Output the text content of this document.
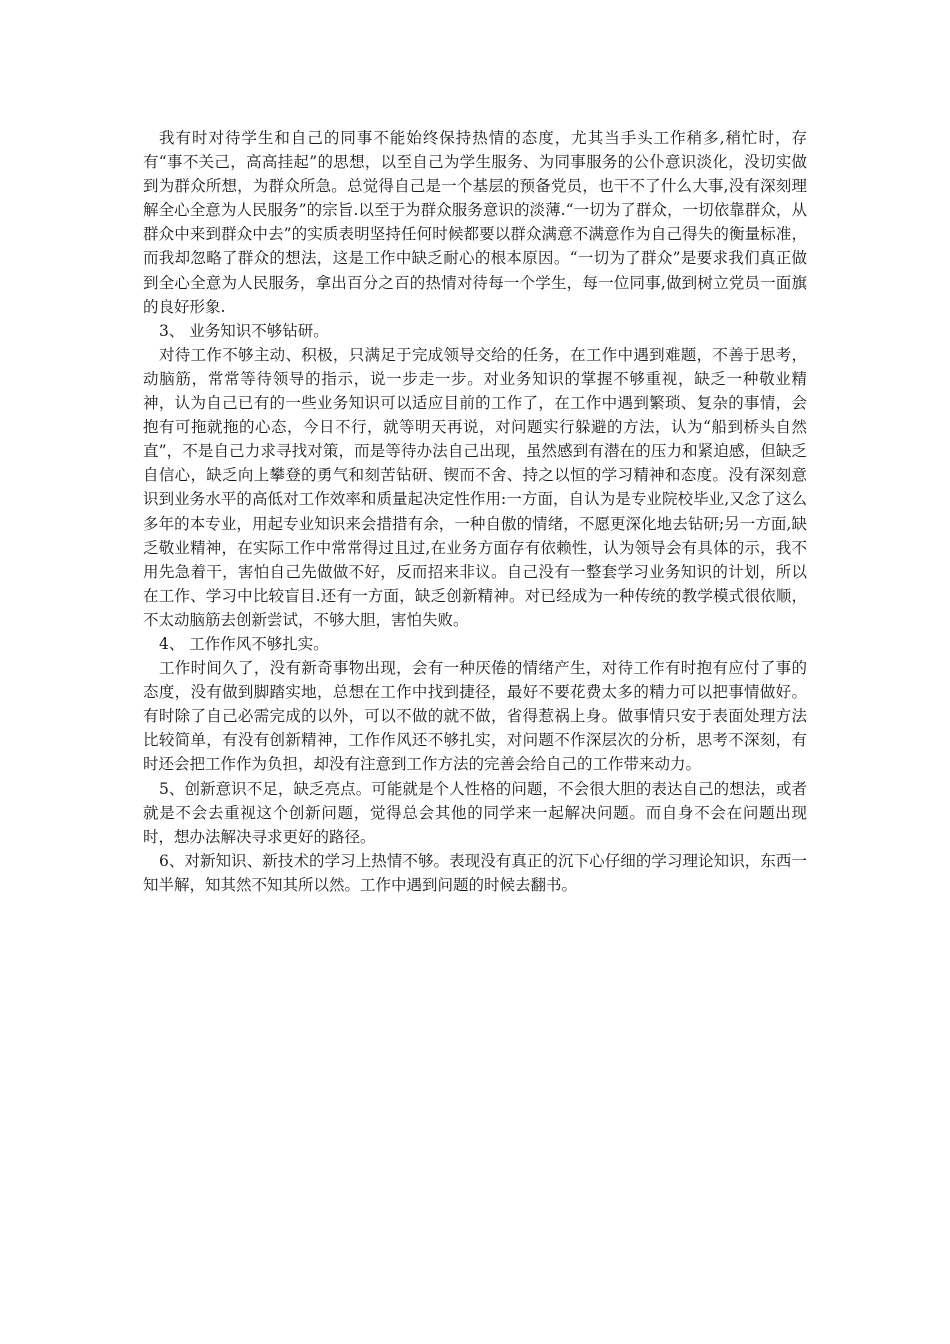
我有时对待学生和自己的同事不能始终保持热情的态度，尤其当手头工作稍多,稍忙时，存有“事不关己，高高挂起”的思想，以至自己为学生服务、为同事服务的公仆意识淡化，没切实做到为群众所想，为群众所急。总觉得自己是一个基层的预备党员，也干不了什么大事,没有深刻理解全心全意为人民服务”的宗旨.以至于为群众服务意识的淡薄.“一切为了群众，一切依靠群众，从群众中来到群众中去”的实质表明坚持任何时候都要以群众满意不满意作为自己得失的衡量标准，而我却忽略了群众的想法，这是工作中缺乏耐心的根本原因。“一切为了群众”是要求我们真正做到全心全意为人民服务，拿出百分之百的热情对待每一个学生，每一位同事,做到树立党员一面旗的良好形象.

3、 业务知识不够钻研。

对待工作不够主动、积极，只满足于完成领导交给的任务，在工作中遇到难题，不善于思考，动脑筋，常常等待领导的指示，说一步走一步。对业务知识的掌握不够重视，缺乏一种敬业精神，认为自己已有的一些业务知识可以适应目前的工作了，在工作中遇到繁琐、复杂的事情，会抱有可拖就拖的心态，今日不行，就等明天再说，对问题实行躲避的方法，认为“船到桥头自然直”，不是自己力求寻找对策，而是等待办法自己出现，虽然感到有潜在的压力和紧迫感，但缺乏自信心，缺乏向上攀登的勇气和刻苦钻研、锲而不舍、持之以恒的学习精神和态度。没有深刻意识到业务水平的高低对工作效率和质量起决定性作用:一方面，自认为是专业院校毕业,又念了这么多年的本专业，用起专业知识来会措措有余，一种自傲的情绪，不愿更深化地去钻研;另一方面,缺乏敬业精神，在实际工作中常常得过且过,在业务方面存有依赖性，认为领导会有具体的示，我不用先急着干，害怕自己先做做不好，反而招来非议。自己没有一整套学习业务知识的计划，所以在工作、学习中比较盲目.还有一方面，缺乏创新精神。对已经成为一种传统的教学模式很依顺，不太动脑筋去创新尝试，不够大胆，害怕失败。

4、 工作作风不够扎实。

工作时间久了，没有新奇事物出现，会有一种厌倦的情绪产生，对待工作有时抱有应付了事的态度，没有做到脚踏实地，总想在工作中找到捷径，最好不要花费太多的精力可以把事情做好。有时除了自己必需完成的以外，可以不做的就不做，省得惹祸上身。做事情只安于表面处理方法比较简单，有没有创新精神，工作作风还不够扎实，对问题不作深层次的分析，思考不深刻，有时还会把工作作为负担，却没有注意到工作方法的完善会给自己的工作带来动力。

5、创新意识不足，缺乏亮点。可能就是个人性格的问题，不会很大胆的表达自己的想法，或者就是不会去重视这个创新问题，觉得总会其他的同学来一起解决问题。而自身不会在问题出现时，想办法解决寻求更好的路径。

6、对新知识、新技术的学习上热情不够。表现没有真正的沉下心仔细的学习理论知识，东西一知半解，知其然不知其所以然。工作中遇到问题的时候去翻书。
